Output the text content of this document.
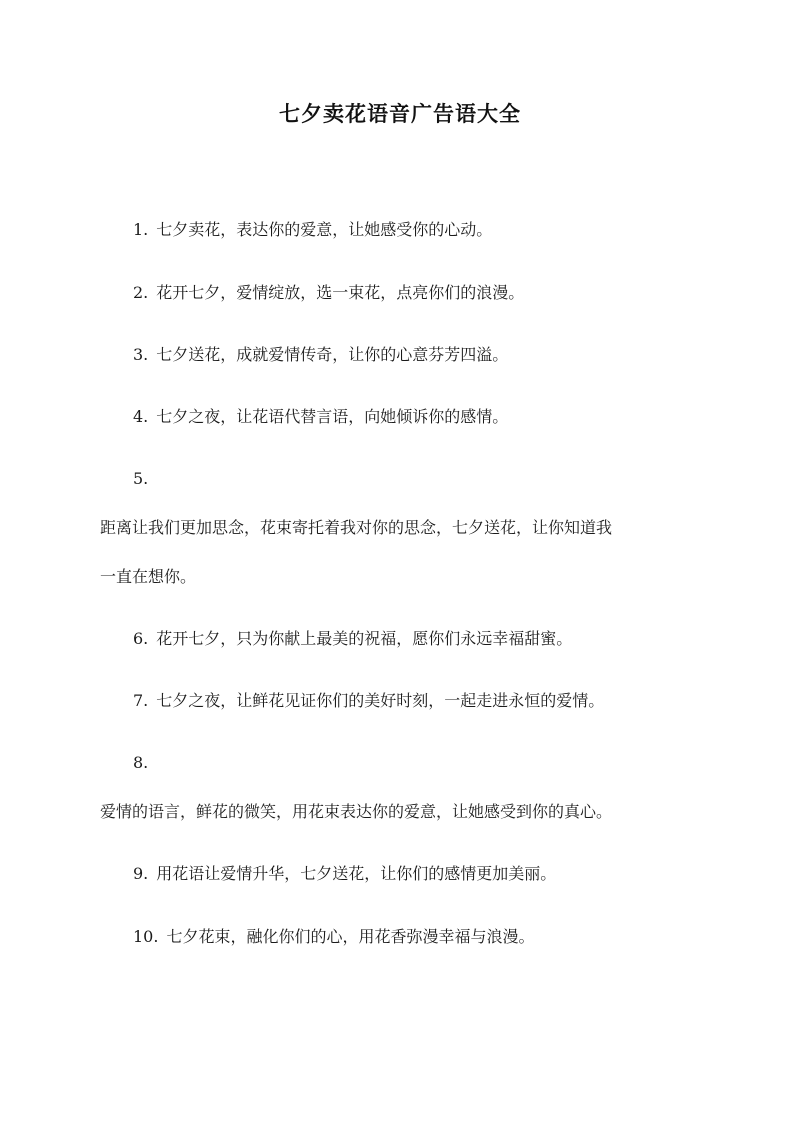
七夕卖花语音广告语大全
1. 七夕卖花，表达你的爱意，让她感受你的心动。
2. 花开七夕，爱情绽放，选一束花，点亮你们的浪漫。
3. 七夕送花，成就爱情传奇，让你的心意芬芳四溢。
4. 七夕之夜，让花语代替言语，向她倾诉你的感情。
5.
距离让我们更加思念，花束寄托着我对你的思念，七夕送花，让你知道我
一直在想你。
6. 花开七夕，只为你献上最美的祝福，愿你们永远幸福甜蜜。
7. 七夕之夜，让鲜花见证你们的美好时刻，一起走进永恒的爱情。
8.
爱情的语言，鲜花的微笑，用花束表达你的爱意，让她感受到你的真心。
9. 用花语让爱情升华，七夕送花，让你们的感情更加美丽。
10. 七夕花束，融化你们的心，用花香弥漫幸福与浪漫。
